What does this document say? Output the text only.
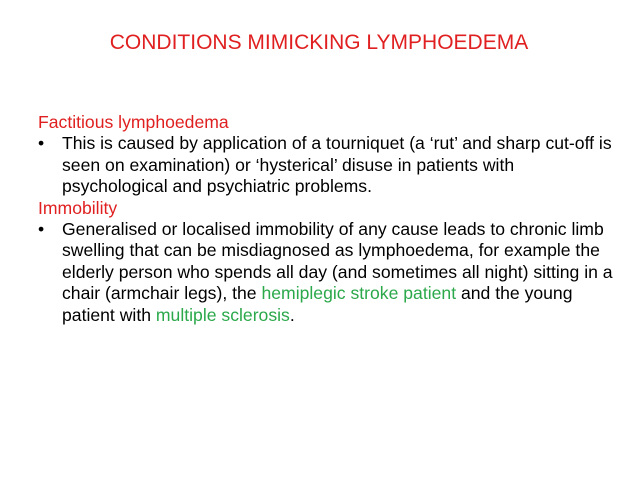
CONDITIONS MIMICKING LYMPHOEDEMA

Factitious lymphoedema

•	This is caused by application of a tourniquet (a ‘rut’ and sharp cut-off is seen on examination) or ‘hysterical’ disuse in patients with psychological and psychiatric problems.

Immobility

•	Generalised or localised immobility of any cause leads to chronic limb swelling that can be misdiagnosed as lymphoedema, for example the elderly person who spends all day (and sometimes all night) sitting in a chair (armchair legs), the hemiplegic stroke patient and the young patient with multiple sclerosis.
